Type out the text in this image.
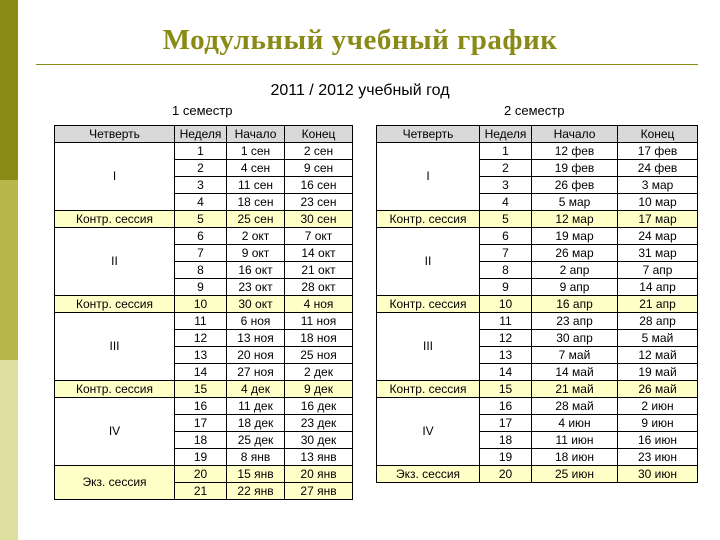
Модульный учебный график
2011 / 2012 учебный год
1 семестр	2 семестр
Четверть	Неделя	Начало	Конец
I	1	1 сен	2 сен
	2	4 сен	9 сен
	3	11 сен	16 сен
	4	18 сен	23 сен
Контр. сессия	5	25 сен	30 сен
II	6	2 окт	7 окт
	7	9 окт	14 окт
	8	16 окт	21 окт
	9	23 окт	28 окт
Контр. сессия	10	30 окт	4 ноя
III	11	6 ноя	11 ноя
	12	13 ноя	18 ноя
	13	20 ноя	25 ноя
	14	27 ноя	2 дек
Контр. сессия	15	4 дек	9 дек
IV	16	11 дек	16 дек
	17	18 дек	23 дек
	18	25 дек	30 дек
	19	8 янв	13 янв
Экз. сессия	20	15 янв	20 янв
	21	22 янв	27 янв
Четверть	Неделя	Начало	Конец
I	1	12 фев	17 фев
	2	19 фев	24 фев
	3	26 фев	3 мар
	4	5 мар	10 мар
Контр. сессия	5	12 мар	17 мар
II	6	19 мар	24 мар
	7	26 мар	31 мар
	8	2 апр	7 апр
	9	9 апр	14 апр
Контр. сессия	10	16 апр	21 апр
III	11	23 апр	28 апр
	12	30 апр	5 май
	13	7 май	12 май
	14	14 май	19 май
Контр. сессия	15	21 май	26 май
IV	16	28 май	2 июн
	17	4 июн	9 июн
	18	11 июн	16 июн
	19	18 июн	23 июн
Экз. сессия	20	25 июн	30 июн
